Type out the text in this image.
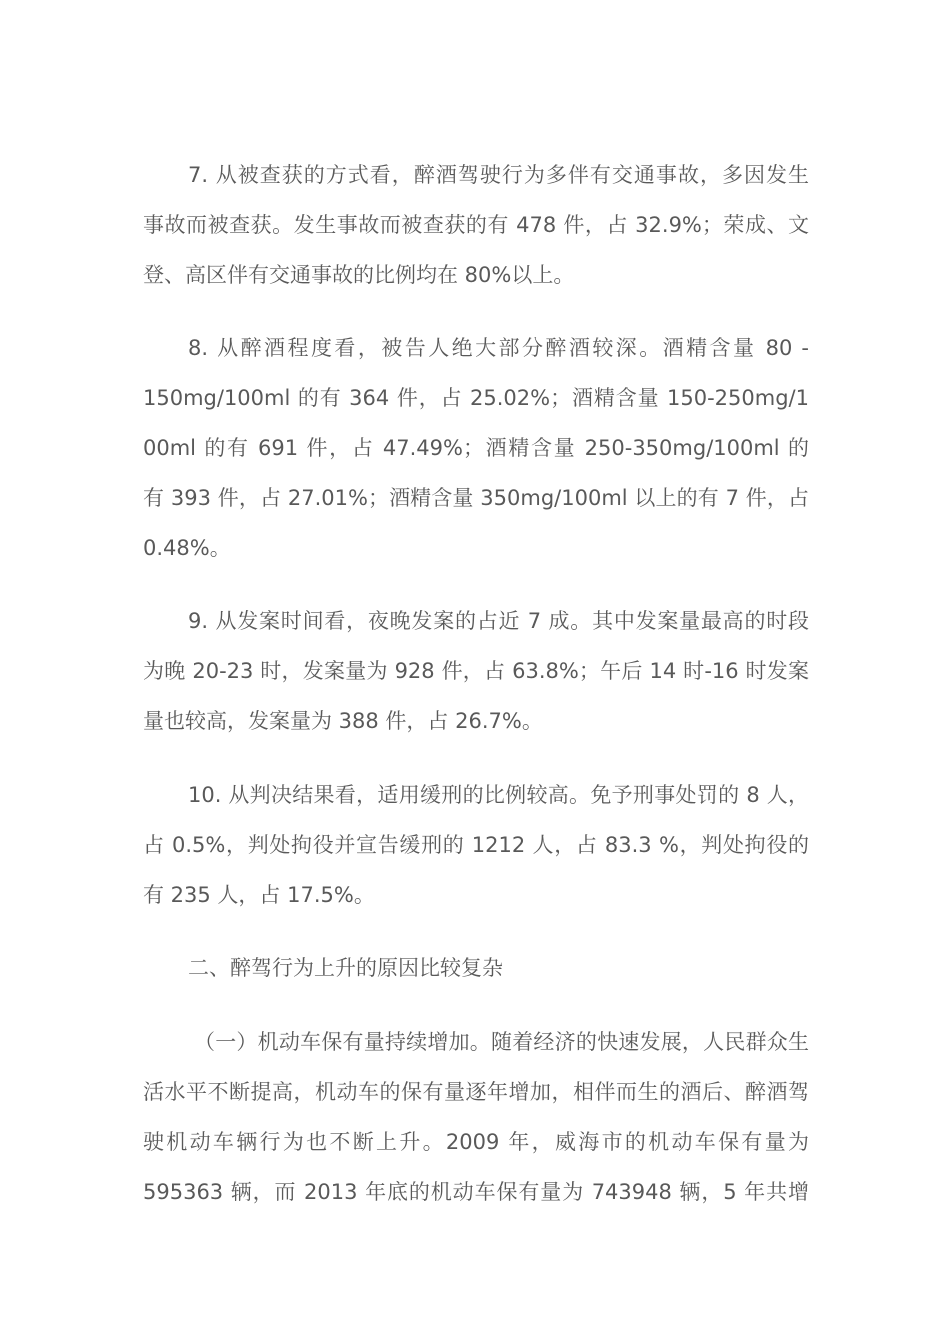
7. 从被查获的方式看，醉酒驾驶行为多伴有交通事故，多因发生
事故而被查获。发生事故而被查获的有 478 件，占 32.9%；荣成、文
登、高区伴有交通事故的比例均在 80%以上。
8. 从醉酒程度看，被告人绝大部分醉酒较深。酒精含量 80 -
150mg/100ml 的有 364 件，占 25.02%；酒精含量 150-250mg/1
00ml 的有 691 件，占 47.49%；酒精含量 250-350mg/100ml 的
有 393 件，占 27.01%；酒精含量 350mg/100ml 以上的有 7 件，占
0.48%。
9. 从发案时间看，夜晚发案的占近 7 成。其中发案量最高的时段
为晚 20-23 时，发案量为 928 件，占 63.8%；午后 14 时-16 时发案
量也较高，发案量为 388 件，占 26.7%。
10. 从判决结果看，适用缓刑的比例较高。免予刑事处罚的 8 人，
占 0.5%，判处拘役并宣告缓刑的 1212 人，占 83.3 %，判处拘役的
有 235 人，占 17.5%。
二、醉驾行为上升的原因比较复杂
（一）机动车保有量持续增加。随着经济的快速发展，人民群众生
活水平不断提高，机动车的保有量逐年增加，相伴而生的酒后、醉酒驾
驶机动车辆行为也不断上升。2009 年，威海市的机动车保有量为
595363 辆，而 2013 年底的机动车保有量为 743948 辆，5 年共增
